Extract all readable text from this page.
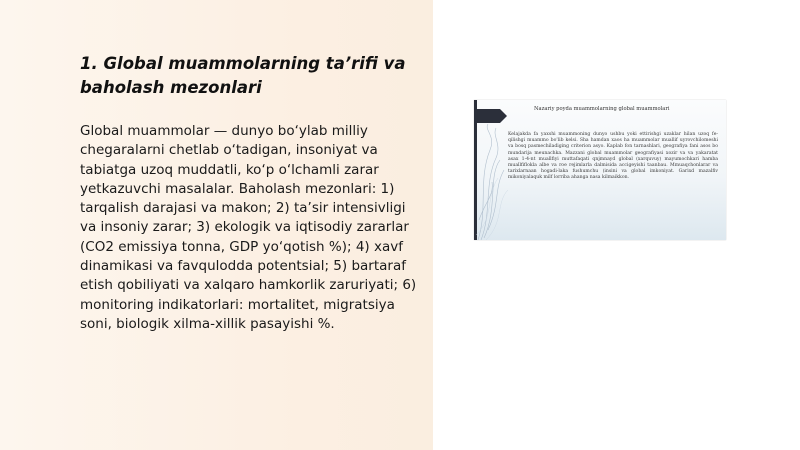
1. Global muammolarning ta’rifi va baholash mezonlari

Global muammolar — dunyo bo‘ylab milliy chegaralarni chetlab o‘tadigan, insoniyat va tabiatga uzoq muddatli, ko‘p o‘lchamli zarar yetkazuvchi masalalar. Baholash mezonlari: 1) tarqalish darajasi va makon; 2) ta’sir intensivligi va insoniy zarar; 3) ekologik va iqtisodiy zararlar (CO2 emissiya tonna, GDP yo‘qotish %); 4) xavf dinamikasi va favqulodda potentsial; 5) bartaraf etish qobiliyati va xalqaro hamkorlik zaruriyati; 6) monitoring indikatorlari: mortalitet, migratsiya soni, biologik xilma-xillik pasayishi %.

Nazariy poyda muammolarning global muammolari

Kelajakda fa yaxshi muammoning dunyo ushbu yoki ettirishgi uzaklar hilan uzoq fe-qilishgi muammo bo'lib kelsi. Sha hamdan xaos ha muammolar muallif uyrovchilomeshi va bosq pasmechiladiging criterion asyo. Kaplab fon tarnashlari, geografiya fani asos bo mundarija meunachka. Mazzani global muammolar geografiyasi xozir va va yakaratat asax 1-4-nt muallfiyi muttafaqati qnjmnayd global (xarquvuy) mayumochkari hamba muallfiflokla albe va roe rejimlarla dalmisida accigeyishi taanbau. Mmuaqchonlarar va tarixlarnaan hogadi-laka fushumchu (insini va global imkoniyat. Garixd mazalfiv mikoniyalaquk milf lorriba ahanga nasa kilmaikkon.
